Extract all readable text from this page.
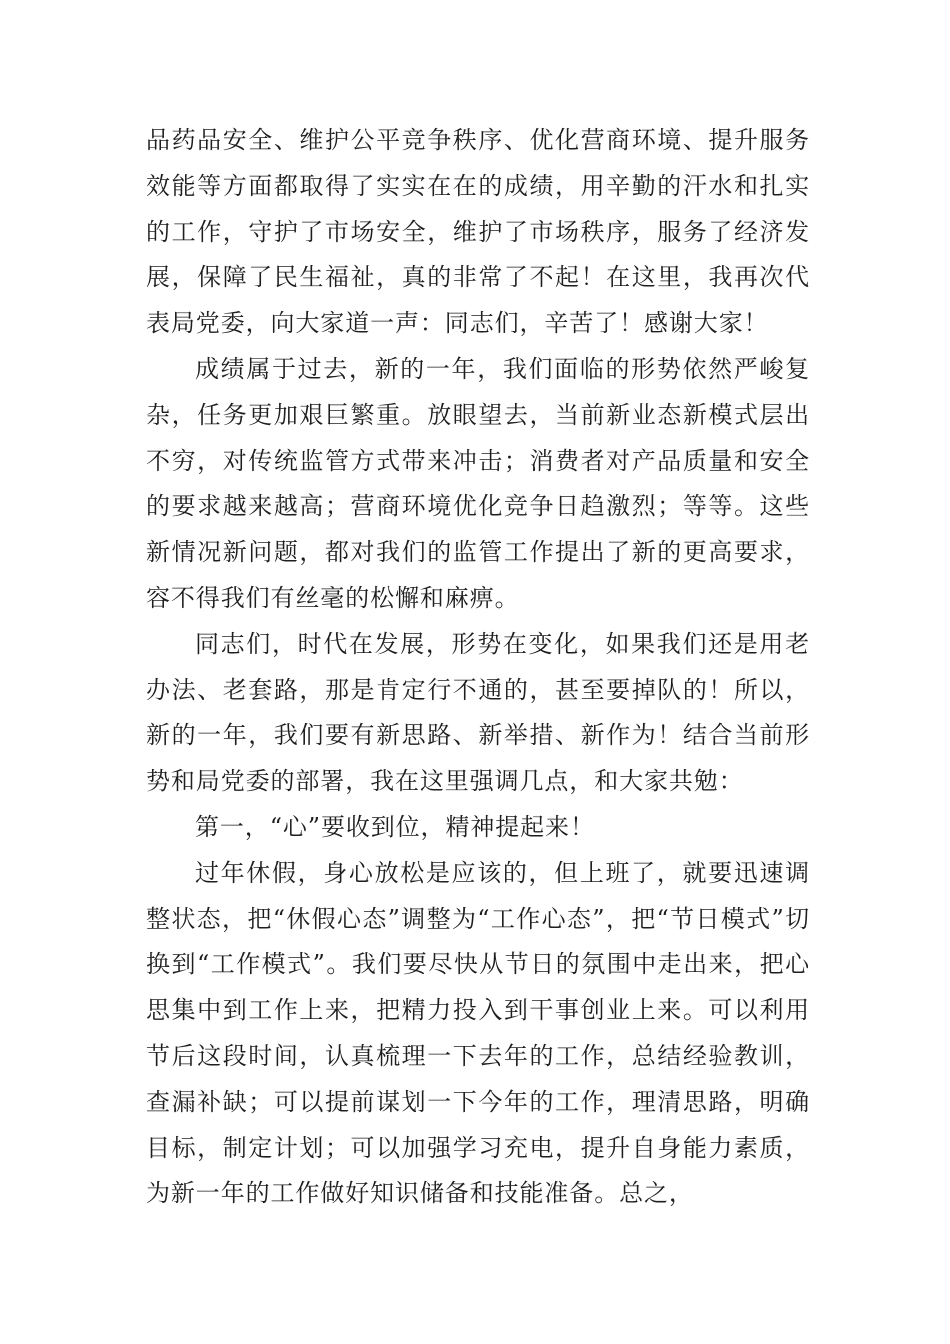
品药品安全、维护公平竞争秩序、优化营商环境、提升服务效能等方面都取得了实实在在的成绩，用辛勤的汗水和扎实的工作，守护了市场安全，维护了市场秩序，服务了经济发展，保障了民生福祉，真的非常了不起！在这里，我再次代表局党委，向大家道一声：同志们，辛苦了！感谢大家！

成绩属于过去，新的一年，我们面临的形势依然严峻复杂，任务更加艰巨繁重。放眼望去，当前新业态新模式层出不穷，对传统监管方式带来冲击；消费者对产品质量和安全的要求越来越高；营商环境优化竞争日趋激烈；等等。这些新情况新问题，都对我们的监管工作提出了新的更高要求，容不得我们有丝毫的松懈和麻痹。

同志们，时代在发展，形势在变化，如果我们还是用老办法、老套路，那是肯定行不通的，甚至要掉队的！所以，新的一年，我们要有新思路、新举措、新作为！结合当前形势和局党委的部署，我在这里强调几点，和大家共勉：

第一，“心”要收到位，精神提起来！

过年休假，身心放松是应该的，但上班了，就要迅速调整状态，把“休假心态”调整为“工作心态”，把“节日模式”切换到“工作模式”。我们要尽快从节日的氛围中走出来，把心思集中到工作上来，把精力投入到干事创业上来。可以利用节后这段时间，认真梳理一下去年的工作，总结经验教训，查漏补缺；可以提前谋划一下今年的工作，理清思路，明确目标，制定计划；可以加强学习充电，提升自身能力素质，为新一年的工作做好知识储备和技能准备。总之，
